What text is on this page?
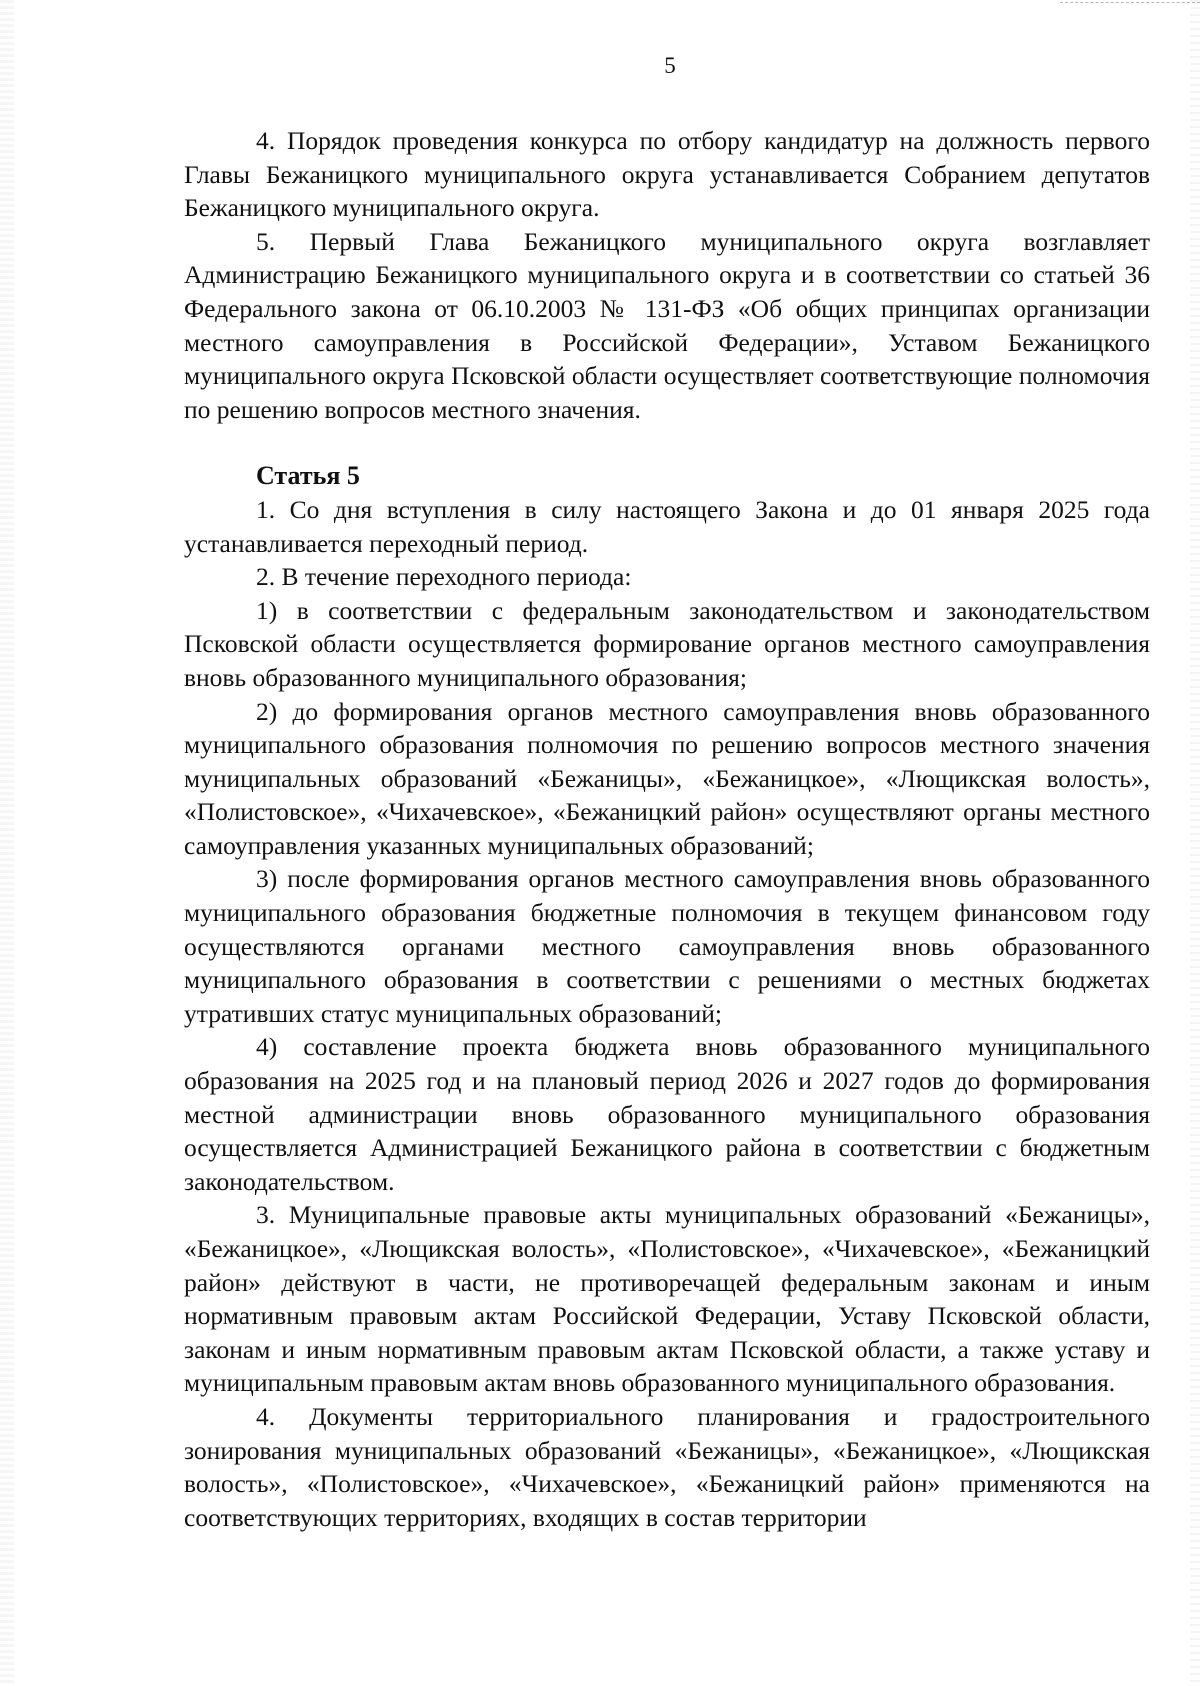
5

4. Порядок проведения конкурса по отбору кандидатур на должность первого Главы Бежаницкого муниципального округа устанавливается Собранием депутатов Бежаницкого муниципального округа.

5. Первый Глава Бежаницкого муниципального округа возглавляет Администрацию Бежаницкого муниципального округа и в соответствии со статьей 36 Федерального закона от 06.10.2003 № 131-ФЗ «Об общих принципах организации местного самоуправления в Российской Федерации», Уставом Бежаницкого муниципального округа Псковской области осуществляет соответствующие полномочия по решению вопросов местного значения.

Статья 5

1. Со дня вступления в силу настоящего Закона и до 01 января 2025 года устанавливается переходный период.

2. В течение переходного периода:

1) в соответствии с федеральным законодательством и законодательством Псковской области осуществляется формирование органов местного самоуправления вновь образованного муниципального образования;

2) до формирования органов местного самоуправления вновь образованного муниципального образования полномочия по решению вопросов местного значения муниципальных образований «Бежаницы», «Бежаницкое», «Лющикская волость», «Полистовское», «Чихачевское», «Бежаницкий район» осуществляют органы местного самоуправления указанных муниципальных образований;

3) после формирования органов местного самоуправления вновь образованного муниципального образования бюджетные полномочия в текущем финансовом году осуществляются органами местного самоуправления вновь образованного муниципального образования в соответствии с решениями о местных бюджетах утративших статус муниципальных образований;

4) составление проекта бюджета вновь образованного муниципального образования на 2025 год и на плановый период 2026 и 2027 годов до формирования местной администрации вновь образованного муниципального образования осуществляется Администрацией Бежаницкого района в соответствии с бюджетным законодательством.

3. Муниципальные правовые акты муниципальных образований «Бежаницы», «Бежаницкое», «Лющикская волость», «Полистовское», «Чихачевское», «Бежаницкий район» действуют в части, не противоречащей федеральным законам и иным нормативным правовым актам Российской Федерации, Уставу Псковской области, законам и иным нормативным правовым актам Псковской области, а также уставу и муниципальным правовым актам вновь образованного муниципального образования.

4. Документы территориального планирования и градостроительного зонирования муниципальных образований «Бежаницы», «Бежаницкое», «Лющикская волость», «Полистовское», «Чихачевское», «Бежаницкий район» применяются на соответствующих территориях, входящих в состав территории
